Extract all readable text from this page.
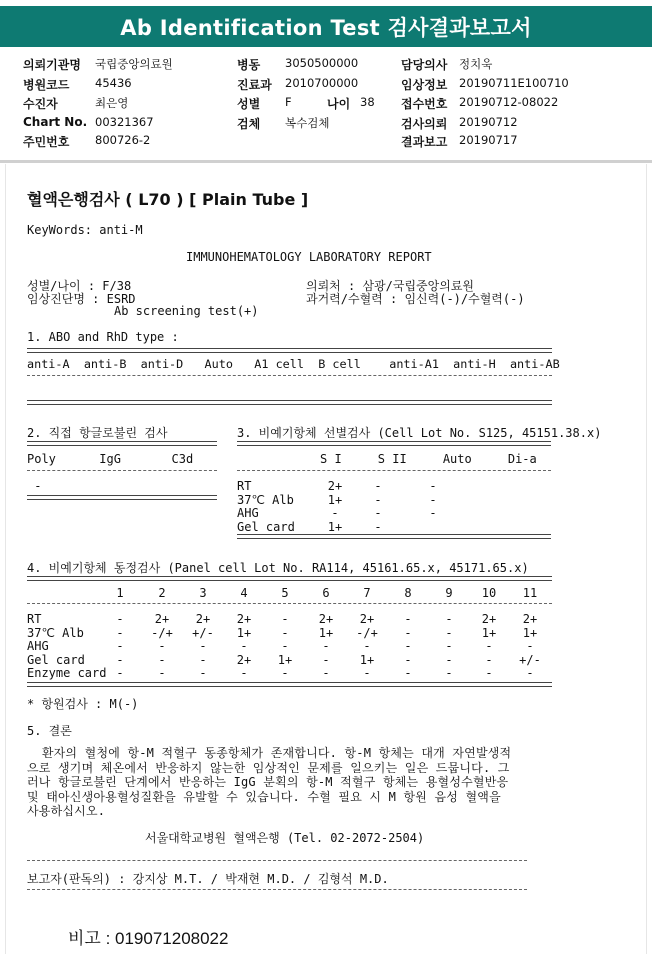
Ab Identification Test 검사결과보고서
의뢰기관명 국립중앙의료원
병원코드 45436
수진자	최은영
Chart No. 00321367
주민번호 800726-2
병동 3050500000
진료과 2010700000
성별 F	나이 38
검체 복수검체
담당의사 정치욱
임상정보 20190711E100710
접수번호 20190712-08022
검사의뢰 20190712
결과보고 20190717
혈액은행검사 ( L70 ) [ Plain Tube ]
KeyWords: anti-M
IMMUNOHEMATOLOGY LABORATORY REPORT
성별/나이 : F/38
임상진단명 : ESRD
Ab screening test(+)
의뢰처 : 삼광/국립중앙의료원
과거력/수혈력 : 임신력(-)/수혈력(-)
1. ABO and RhD type :
anti-A  anti-B  anti-D   Auto   A1 cell  B cell    anti-A1  anti-H  anti-AB
2. 직접 항글로불린 검사
Poly      IgG       C3d
-
3. 비예기항체 선별검사 (Cell Lot No. S125, 45151.38.x)
S I     S II     Auto     Di-a
RT	2+	-	-
37℃ Alb	1+	-	-
AHG	-	-	-
Gel card	1+	-
4. 비예기항체 동정검사 (Panel cell Lot No. RA114, 45161.65.x, 45171.65.x)
1	2	3	4	5	6	7	8	9	10	11
RT	-	2+	2+	2+	-	2+	2+	-	-	2+	2+
37℃ Alb	-	-/+	+/-	1+	-	1+	-/+	-	-	1+	1+
AHG	-	-	-	-	-	-	-	-	-	-	-
Gel card	-	-	-	2+	1+	-	1+	-	-	-	+/-
Enzyme card -	-	-	-	-	-	-	-	-	-	-
* 항원검사 : M(-)
5. 결론
환자의 혈청에 항-M 적혈구 동종항체가 존재합니다. 항-M 항체는 대개 자연발생적
으로 생기며 체온에서 반응하지 않는한 임상적인 문제를 일으키는 일은 드뭅니다. 그
러나 항글로불린 단계에서 반응하는 IgG 분획의 항-M 적혈구 항체는 용혈성수혈반응
및 태아신생아용혈성질환을 유발할 수 있습니다. 수혈 필요 시 M 항원 음성 혈액을
사용하십시오.
서울대학교병원 혈액은행 (Tel. 02-2072-2504)
보고자(판독의) : 강지상 M.T. / 박재현 M.D. / 김형석 M.D.
비고 : 019071208022
